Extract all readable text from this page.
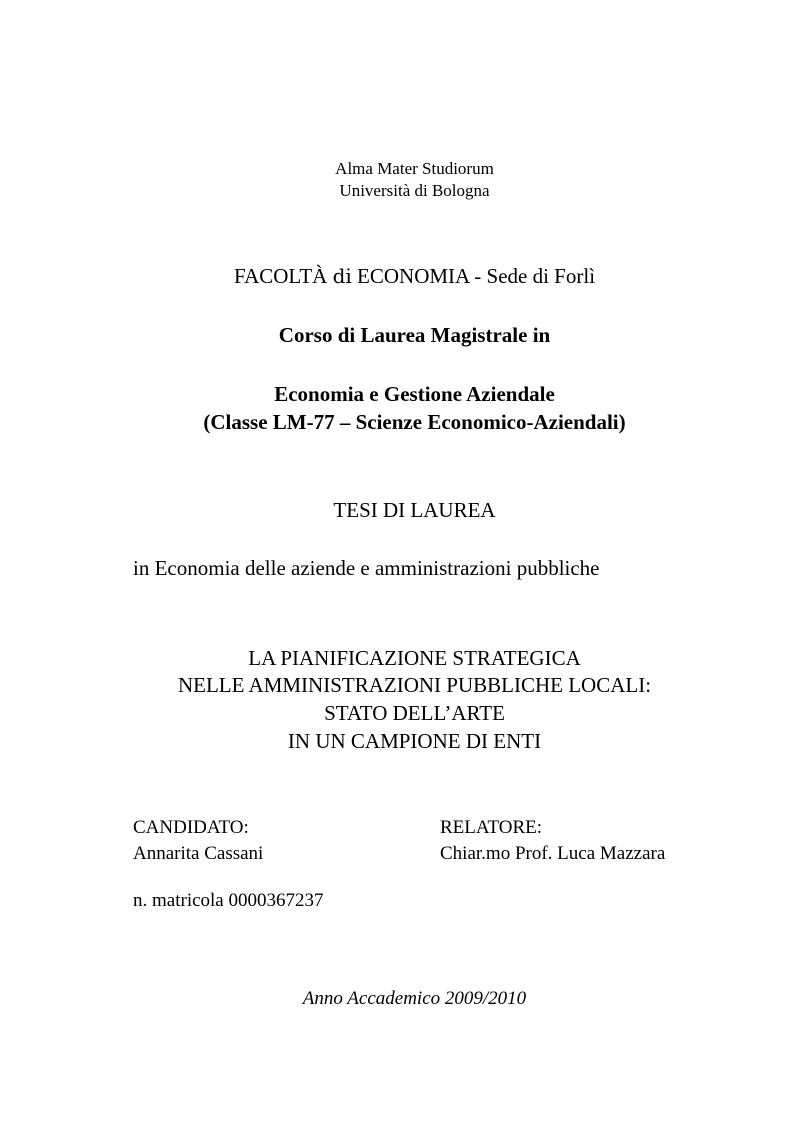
Alma Mater Studiorum
Università di Bologna
FACOLTÀ di ECONOMIA - Sede di Forlì
Corso di Laurea Magistrale in
Economia e Gestione Aziendale
(Classe LM-77 – Scienze Economico-Aziendali)
TESI DI LAUREA
in Economia delle aziende e amministrazioni pubbliche
LA PIANIFICAZIONE STRATEGICA
NELLE AMMINISTRAZIONI PUBBLICHE LOCALI:
STATO DELL’ARTE
IN UN CAMPIONE DI ENTI
CANDIDATO:
Annarita Cassani
RELATORE:
Chiar.mo Prof. Luca Mazzara
n. matricola 0000367237
Anno Accademico 2009/2010
